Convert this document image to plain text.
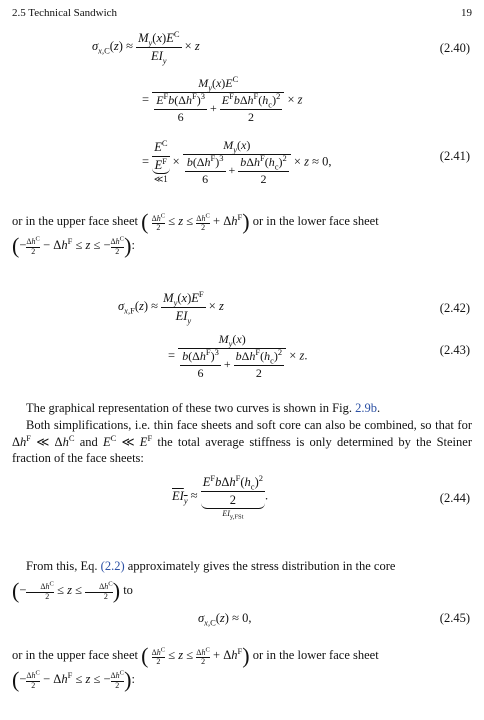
2.5 Technical Sandwich	19
$\sigma_{x,C}(z) \approx \frac{M_y(x)E^C}{EI_y} \times z$	(2.40)
= $\frac{M_y(x)E^C}{\frac{E^Fb(\Delta h^F)^3}{6} + \frac{E^Fb\Delta h^F(h_c)^2}{2}} \times z$
= $\frac{E^C}{E^F}$
≪1
× $\frac{M_y(x)}{\frac{b(\Delta h^F)^3}{6} + \frac{b\Delta h^F(h_c)^2}{2}} \times z \approx 0$,	(2.41)
or in the upper face sheet ( $\frac{\Delta h^C}{2} \le z \le \frac{\Delta h^C}{2} + \Delta h^F$) or in the lower face sheet
($-\frac{\Delta h^C}{2} - \Delta h^F \le z \le -\frac{\Delta h^C}{2}$ ):
$\sigma_{x,F}(z) \approx \frac{M_y(x)E^F}{EI_y} \times z$	(2.42)
= $\frac{M_y(x)}{\frac{b(\Delta h^F)^3}{6} + \frac{b\Delta h^F(h_c)^2}{2}} \times z$.	(2.43)
The graphical representation of these two curves is shown in Fig. 2.9b.
Both simplifications, i.e. thin face sheets and soft core can also be combined, so that for $\Delta h^F$ ≪ $\Delta h^C$ and $E^C$ ≪ $E^F$ the total average stiffness is only determined by the Steiner fraction of the face sheets:
$EI_y \approx \frac{E^Fb\Delta h^F(h_c)^2}{2}$
$\overline{EI}_{y,FSt}$
.	(2.44)
From this, Eq. (2.2) approximately gives the stress distribution in the core
($-\frac{\Delta h^C}{2} \le z \le \frac{\Delta h^C}{2}$ ) to
$\sigma_{x,C}(z) \approx 0$,	(2.45)
or in the upper face sheet ( $\frac{\Delta h^C}{2} \le z \le \frac{\Delta h^C}{2} + \Delta h^F$) or in the lower face sheet
($-\frac{\Delta h^C}{2} - \Delta h^F \le z \le -\frac{\Delta h^C}{2}$ ):
